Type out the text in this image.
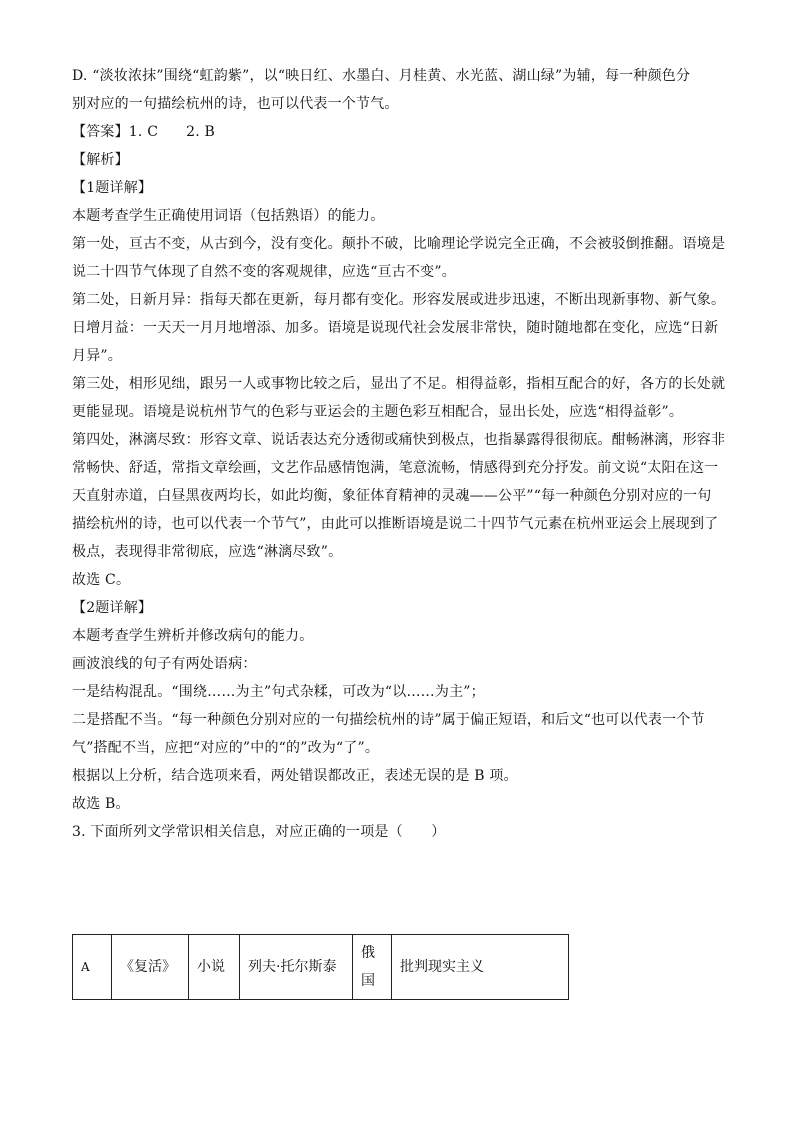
D. “淡妆浓抹”围绕“虹韵紫”，以“映日红、水墨白、月桂黄、水光蓝、湖山绿”为辅，每一种颜色分
别对应的一句描绘杭州的诗，也可以代表一个节气。
【答案】1. C 2. B
【解析】
【1题详解】
本题考查学生正确使用词语（包括熟语）的能力。
第一处，亘古不变，从古到今，没有变化。颠扑不破，比喻理论学说完全正确，不会被驳倒推翻。语境是
说二十四节气体现了自然不变的客观规律，应选“亘古不变”。
第二处，日新月异：指每天都在更新，每月都有变化。形容发展或进步迅速，不断出现新事物、新气象。
日增月益：一天天一月月地增添、加多。语境是说现代社会发展非常快，随时随地都在变化，应选“日新
月异”。
第三处，相形见绌，跟另一人或事物比较之后，显出了不足。相得益彰，指相互配合的好，各方的长处就
更能显现。语境是说杭州节气的色彩与亚运会的主题色彩互相配合，显出长处，应选“相得益彰”。
第四处，淋漓尽致：形容文章、说话表达充分透彻或痛快到极点，也指暴露得很彻底。酣畅淋漓，形容非
常畅快、舒适，常指文章绘画，文艺作品感情饱满，笔意流畅，情感得到充分抒发。前文说“太阳在这一
天直射赤道，白昼黑夜两均长，如此均衡，象征体育精神的灵魂——公平”“每一种颜色分别对应的一句
描绘杭州的诗，也可以代表一个节气”，由此可以推断语境是说二十四节气元素在杭州亚运会上展现到了
极点，表现得非常彻底，应选“淋漓尽致”。
故选 C。
【2题详解】
本题考查学生辨析并修改病句的能力。
画波浪线的句子有两处语病：
一是结构混乱。“围绕……为主”句式杂糅，可改为“以……为主”；
二是搭配不当。“每一种颜色分别对应的一句描绘杭州的诗”属于偏正短语，和后文“也可以代表一个节
气”搭配不当，应把“对应的”中的“的”改为“了”。
根据以上分析，结合选项来看，两处错误都改正，表述无误的是 B 项。
故选 B。
3. 下面所列文学常识相关信息，对应正确的一项是（　　）
A	《复活》	小说	列夫·托尔斯泰	俄国	批判现实主义
